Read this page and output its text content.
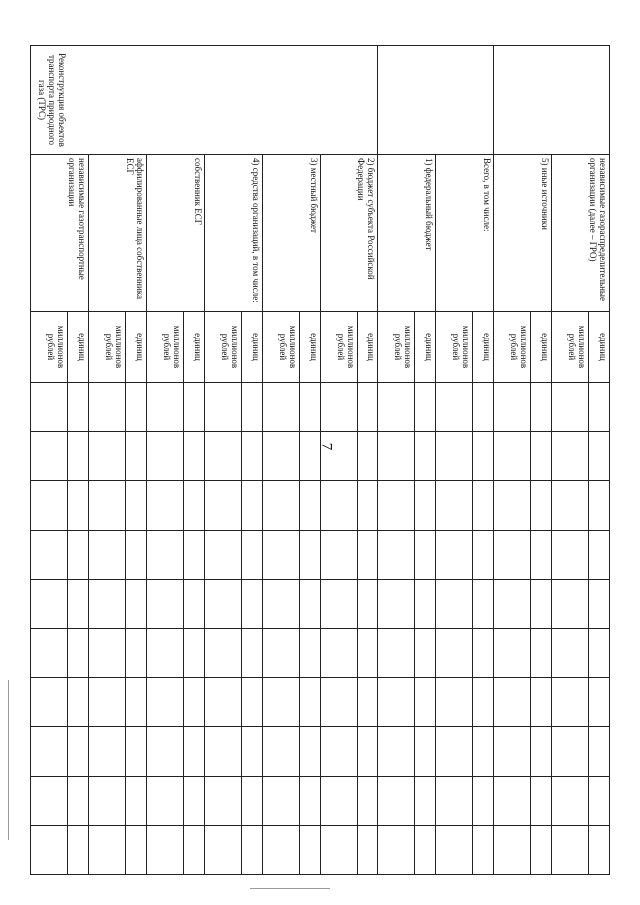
7
	независимые газораспределительные организации (далее – ГРО)	единиц										
		миллионов рублей										
	5) иные источники	единиц										
		миллионов рублей										
	Всего, в том числе:	единиц										
		миллионов рублей										
	1) федеральный бюджет	единиц										
		миллионов рублей										
Реконструкция объектов транспорта природного газа (ТРС)	2) бюджет субъекта Российской Федерации	единиц										
		миллионов рублей										
	3) местный бюджет	единиц										
		миллионов рублей										
	4) средства организаций, в том числе:	единиц										
		миллионов рублей										
	собственник ЕСГ	единиц										
		миллионов рублей										
	аффилированные лица собственника ЕСГ	единиц										
		миллионов рублей										
	независимые газотранспортные организации	единиц										
		миллионов рублей										
